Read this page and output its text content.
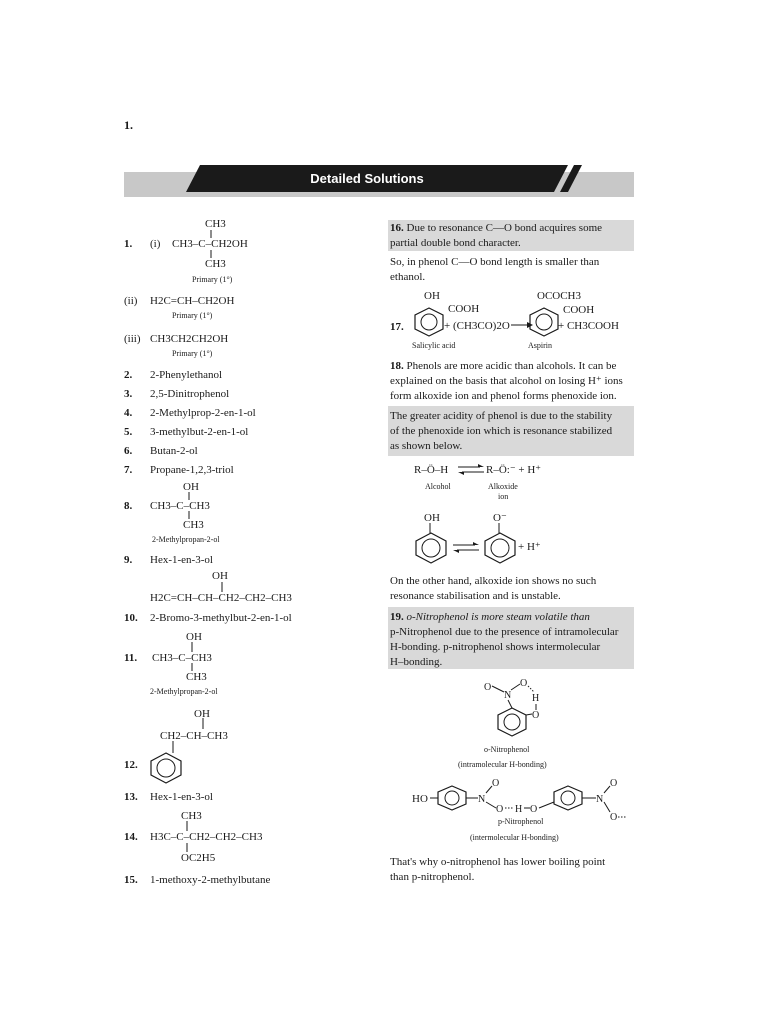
1.
Detailed Solutions
1. (i)
CH3
CH3–C–CH2OH
CH3
Primary (1°)
(ii) H2C=CH–CH2OH
Primary (1°)
(iii) CH3CH2CH2OH
Primary (1°)
2. 2-Phenylethanol
3. 2,5-Dinitrophenol
4. 2-Methylprop-2-en-1-ol
5. 3-methylbut-2-en-1-ol
6. Butan-2-ol
7. Propane-1,2,3-triol
OH
8. CH3–C–CH3
CH3
2-Methylpropan-2-ol
9. Hex-1-en-3-ol
OH
H2C=CH–CH–CH2–CH2–CH3
10. 2-Bromo-3-methylbut-2-en-1-ol
OH
11. CH3–C–CH3
CH3
2-Methylpropan-2-ol
OH
CH2–CH–CH3
12.
13. Hex-1-en-3-ol
CH3
14. H3C–C–CH2–CH2–CH3
OC2H5
15. 1-methoxy-2-methylbutane
16. Due to resonance C—O bond acquires some
partial double bond character.
So, in phenol C—O bond length is smaller than
ethanol.
OH
COOH
17.	+ (CH3CO)2O
OCOCH3
COOH
+ CH3COOH
Salicylic acid	Aspirin
18. Phenols are more acidic than alcohols. It can be
explained on the basis that alcohol on losing H⁺ ions
form alkoxide ion and phenol forms phenoxide ion.
The greater acidity of phenol is due to the stability
of the phenoxide ion which is resonance stabilized
as shown below.
R–Ö–H ⇌ R–Ö:⁻ + H⁺
Alcohol	Alkoxide
ion
OH	O⁻
+ H⁺
On the other hand, alkoxide ion shows no such
resonance stabilisation and is unstable.
19. o-Nitrophenol is more steam volatile than
p-Nitrophenol due to the presence of intramolecular
H-bonding. p-nitrophenol shows intermolecular
H–bonding.
O
N
O
H
O
o-Nitrophenol
(intramolecular H-bonding)
HO	N
O
O H O
N
O
O
p-Nitrophenol
(intermolecular H-bonding)
That's why o-nitrophenol has lower boiling point
than p-nitrophenol.
